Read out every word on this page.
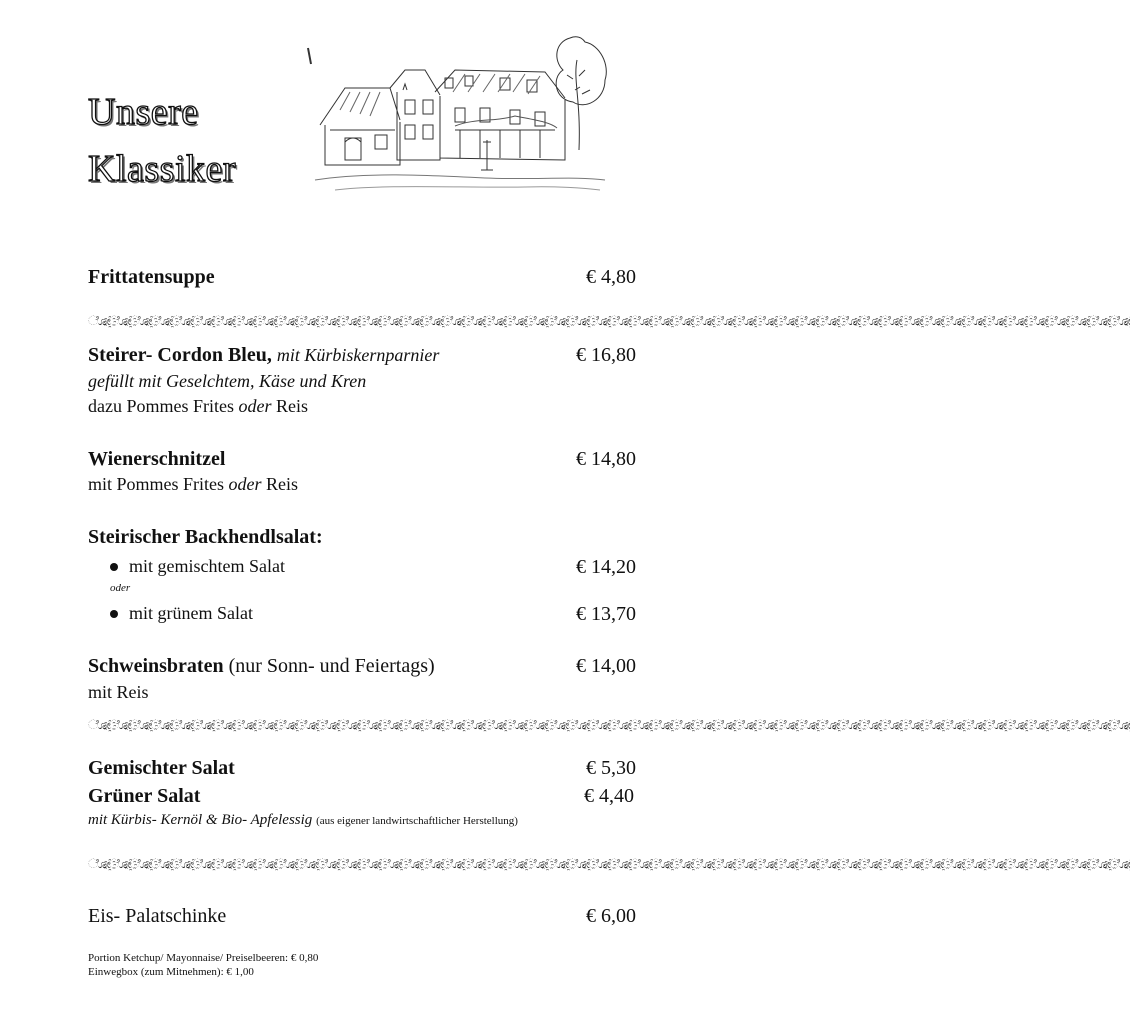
Unsere
Klassiker
Frittatensuppe	€ 4,80
ೋ҈ೋ҈ೋ҈ೋ҈ೋ҈ೋ҈ೋ҈ೋ҈ೋ҈ೋ҈ೋ҈ೋ҈ೋ҈ೋ҈ೋ҈ೋ҈ೋ҈ೋ҈ೋ҈ೋ҈ೋ҈ೋ҈ೋ҈ೋ҈ೋ҈ೋ҈ೋ҈ೋ҈ೋ҈ೋ҈ೋ҈ೋ҈ೋ҈ೋ҈ೋ҈ೋ҈ೋ҈ೋ҈ೋ҈ೋ҈ೋ҈ೋ҈ೋ҈ೋ҈ೋ҈ೋ҈ೋ҈ೋ҈ೋ҈ೋ҈
Steirer- Cordon Bleu, mit Kürbiskernparnier	€ 16,80
gefüllt mit Geselchtem, Käse und Kren
dazu Pommes Frites oder Reis
Wienerschnitzel	€ 14,80
mit Pommes Frites oder Reis
Steirischer Backhendlsalat:
mit gemischtem Salat	€ 14,20
oder
mit grünem Salat	€ 13,70
Schweinsbraten (nur Sonn- und Feiertags)	€ 14,00
mit Reis
ೋ҈ೋ҈ೋ҈ೋ҈ೋ҈ೋ҈ೋ҈ೋ҈ೋ҈ೋ҈ೋ҈ೋ҈ೋ҈ೋ҈ೋ҈ೋ҈ೋ҈ೋ҈ೋ҈ೋ҈ೋ҈ೋ҈ೋ҈ೋ҈ೋ҈ೋ҈ೋ҈ೋ҈ೋ҈ೋ҈ೋ҈ೋ҈ೋ҈ೋ҈ೋ҈ೋ҈ೋ҈ೋ҈ೋ҈ೋ҈ೋ҈ೋ҈ೋ҈ೋ҈ೋ҈ೋ҈ೋ҈ೋ҈ೋ҈ೋ҈
Gemischter Salat	€ 5,30
Grüner Salat	€ 4,40
mit Kürbis- Kernöl & Bio- Apfelessig (aus eigener landwirtschaftlicher Herstellung)
ೋ҈ೋ҈ೋ҈ೋ҈ೋ҈ೋ҈ೋ҈ೋ҈ೋ҈ೋ҈ೋ҈ೋ҈ೋ҈ೋ҈ೋ҈ೋ҈ೋ҈ೋ҈ೋ҈ೋ҈ೋ҈ೋ҈ೋ҈ೋ҈ೋ҈ೋ҈ೋ҈ೋ҈ೋ҈ೋ҈ೋ҈ೋ҈ೋ҈ೋ҈ೋ҈ೋ҈ೋ҈ೋ҈ೋ҈ೋ҈ೋ҈ೋ҈ೋ҈ೋ҈ೋ҈ೋ҈ೋ҈ೋ҈ೋ҈ೋ҈
Eis- Palatschinke	€ 6,00
Portion Ketchup/ Mayonnaise/ Preiselbeeren: € 0,80
Einwegbox (zum Mitnehmen): € 1,00
